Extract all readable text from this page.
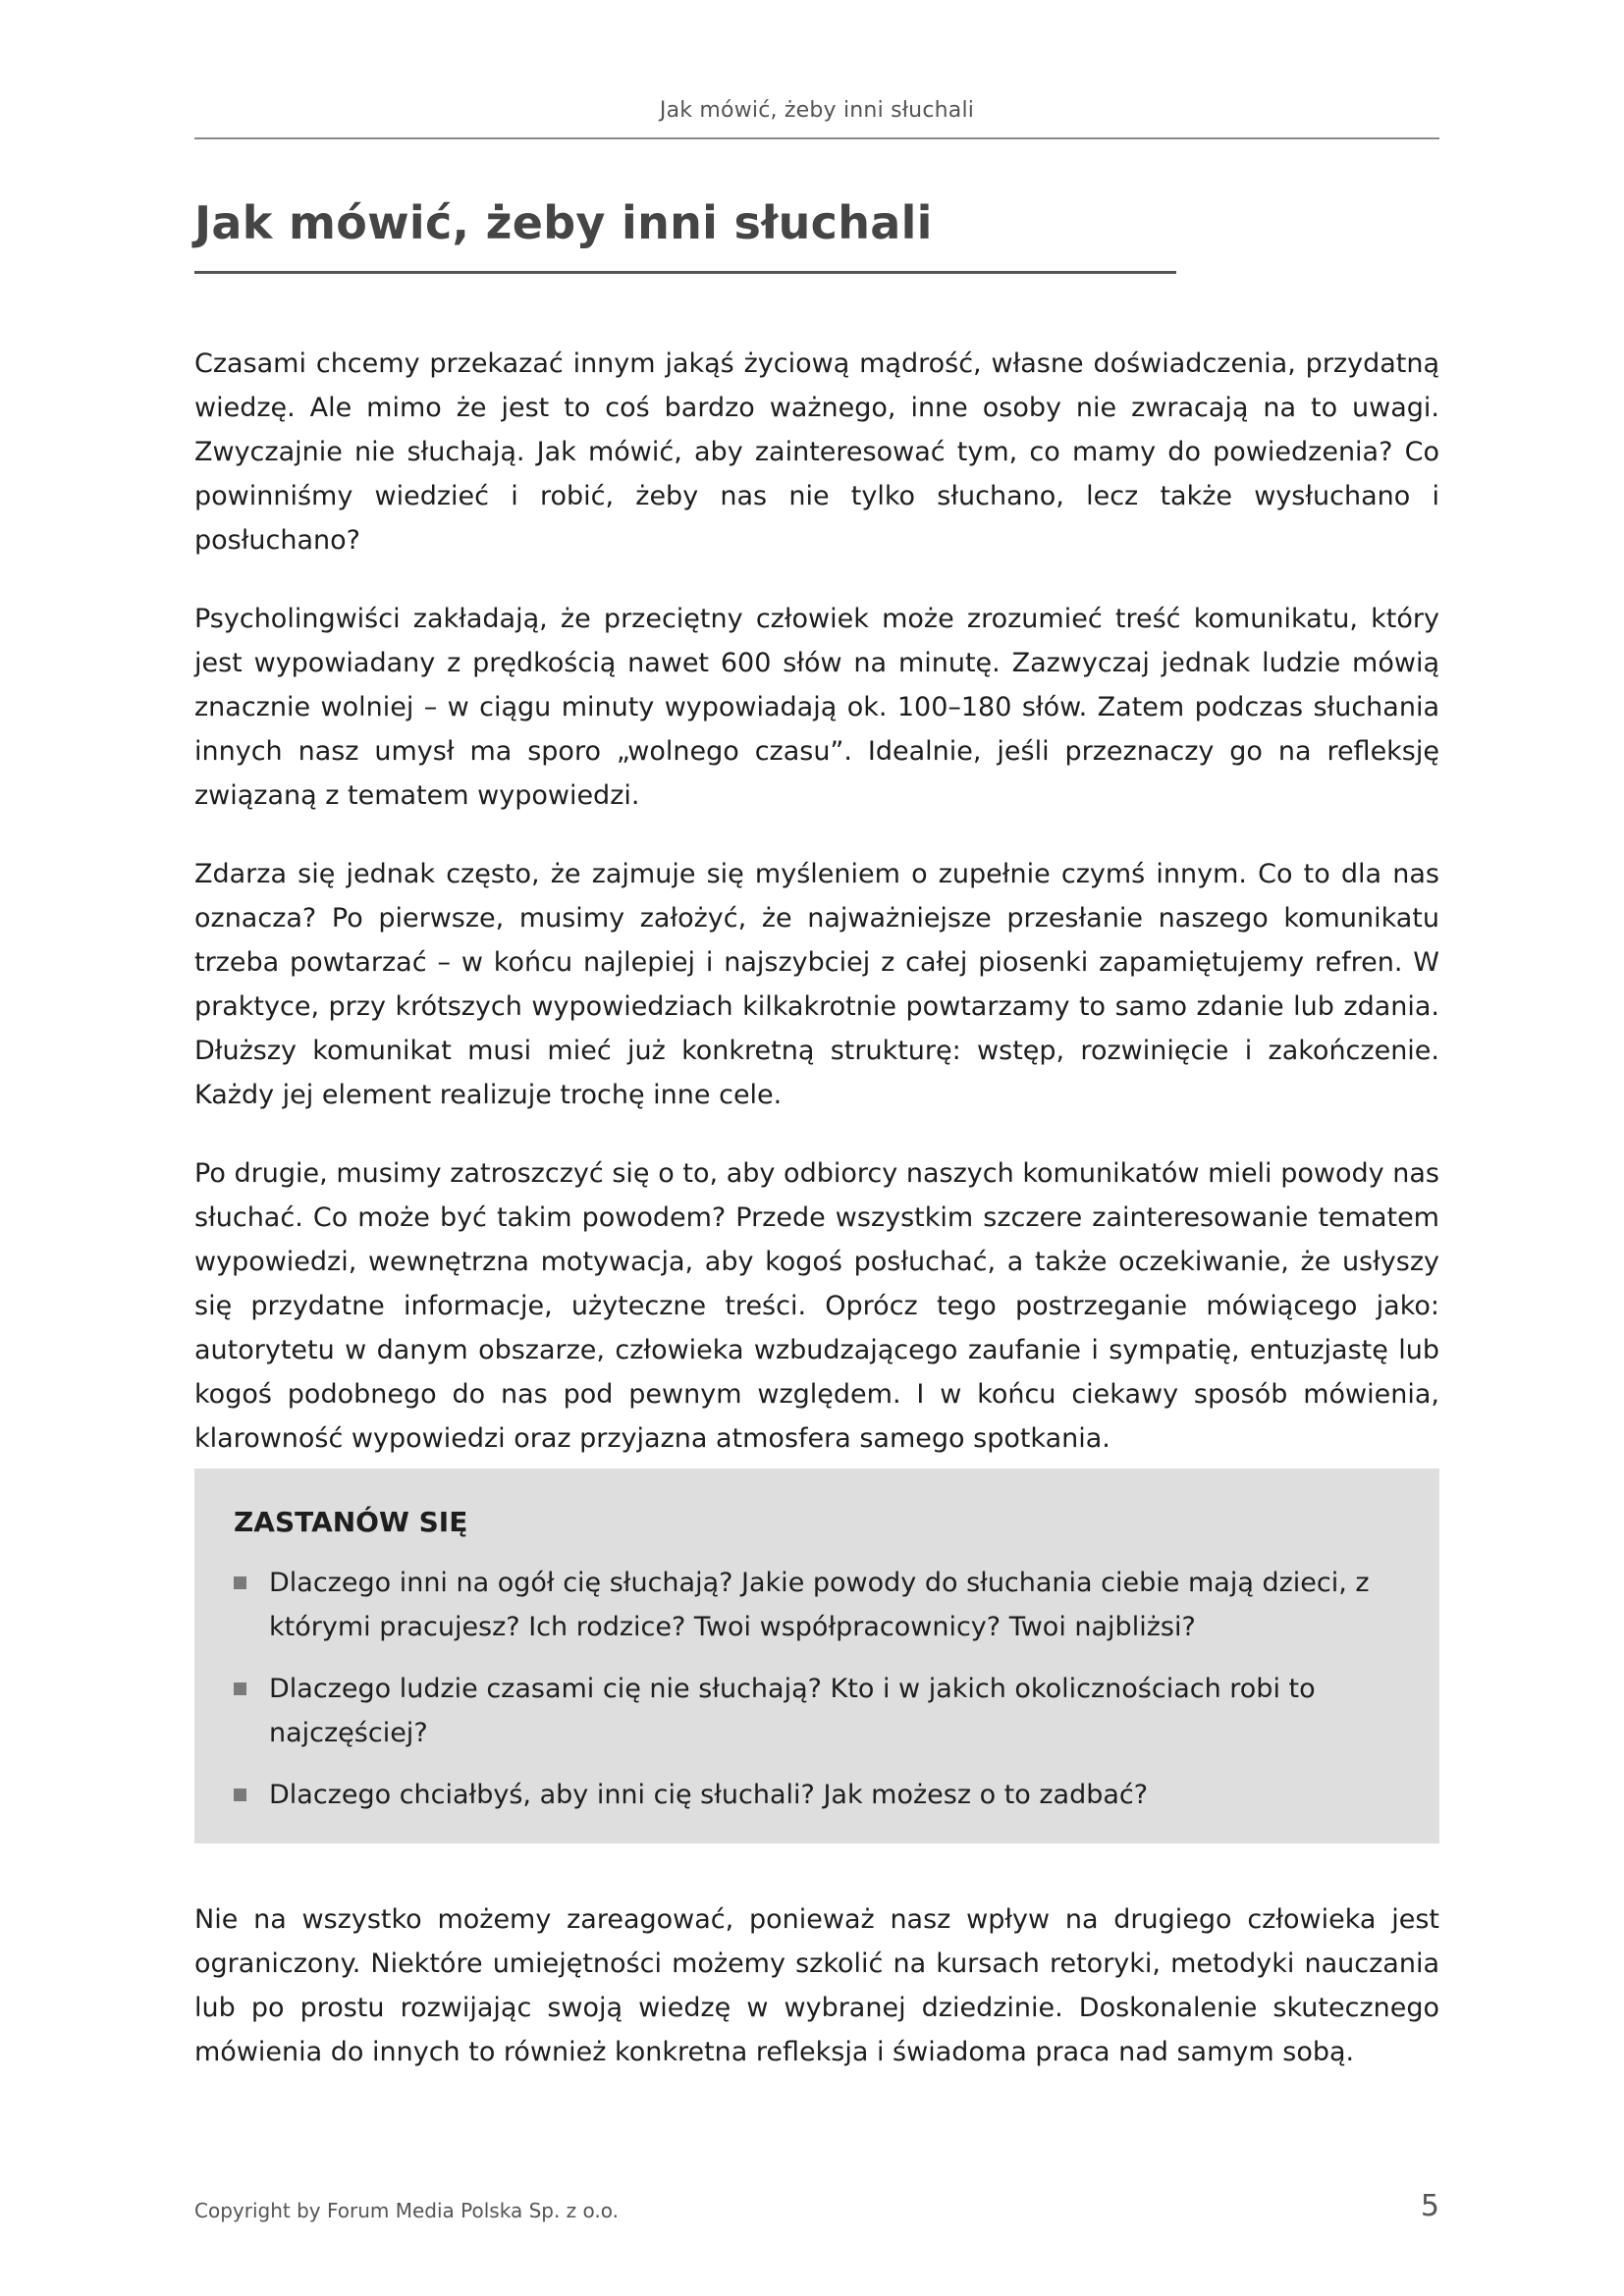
Jak mówić, żeby inni słuchali
Jak mówić, żeby inni słuchali

Czasami chcemy przekazać innym jakąś życiową mądrość, własne doświadczenia, przydatną wiedzę. Ale mimo że jest to coś bardzo ważnego, inne osoby nie zwracają na to uwagi. Zwyczajnie nie słuchają. Jak mówić, aby zainteresować tym, co mamy do powiedzenia? Co powinniśmy wiedzieć i robić, żeby nas nie tylko słuchano, lecz także wysłuchano i posłuchano?

Psycholingwiści zakładają, że przeciętny człowiek może zrozumieć treść komunikatu, który jest wypowiadany z prędkością nawet 600 słów na minutę. Zazwyczaj jednak ludzie mówią znacznie wolniej – w ciągu minuty wypowiadają ok. 100–180 słów. Zatem podczas słuchania innych nasz umysł ma sporo „wolnego czasu”. Idealnie, jeśli przeznaczy go na refleksję związaną z tematem wypowiedzi.

Zdarza się jednak często, że zajmuje się myśleniem o zupełnie czymś innym. Co to dla nas oznacza? Po pierwsze, musimy założyć, że najważniejsze przesłanie naszego komunikatu trzeba powtarzać – w końcu najlepiej i najszybciej z całej piosenki zapamiętujemy refren. W praktyce, przy krótszych wypowiedziach kilkakrotnie powtarzamy to samo zdanie lub zdania. Dłuższy komunikat musi mieć już konkretną strukturę: wstęp, rozwinięcie i zakończenie. Każdy jej element realizuje trochę inne cele.

Po drugie, musimy zatroszczyć się o to, aby odbiorcy naszych komunikatów mieli powody nas słuchać. Co może być takim powodem? Przede wszystkim szczere zainteresowanie tematem wypowiedzi, wewnętrzna motywacja, aby kogoś posłuchać, a także oczekiwanie, że usłyszy się przydatne informacje, użyteczne treści. Oprócz tego postrzeganie mówiącego jako: autorytetu w danym obszarze, człowieka wzbudzającego zaufanie i sympatię, entuzjastę lub kogoś podobnego do nas pod pewnym względem. I w końcu ciekawy sposób mówienia, klarowność wypowiedzi oraz przyjazna atmosfera samego spotkania.

ZASTANÓW SIĘ
Dlaczego inni na ogół cię słuchają? Jakie powody do słuchania ciebie mają dzieci, z którymi pracujesz? Ich rodzice? Twoi współpracownicy? Twoi najbliżsi?
Dlaczego ludzie czasami cię nie słuchają? Kto i w jakich okolicznościach robi to najczęściej?
Dlaczego chciałbyś, aby inni cię słuchali? Jak możesz o to zadbać?

Nie na wszystko możemy zareagować, ponieważ nasz wpływ na drugiego człowieka jest ograniczony. Niektóre umiejętności możemy szkolić na kursach retoryki, metodyki nauczania lub po prostu rozwijając swoją wiedzę w wybranej dziedzinie. Doskonalenie skutecznego mówienia do innych to również konkretna refleksja i świadoma praca nad samym sobą.

Copyright by Forum Media Polska Sp. z o.o.	5
